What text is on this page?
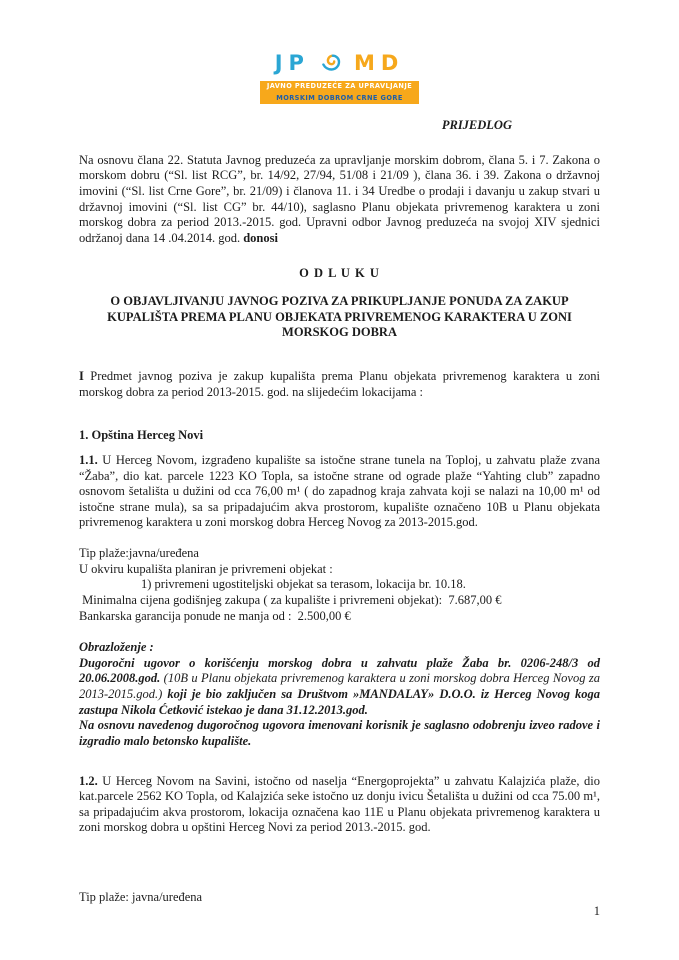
JP MD
JAVNO PREDUZEĆE ZA UPRAVLJANJE
MORSKIM DOBROM CRNE GORE
PRIJEDLOG

Na osnovu člana 22. Statuta Javnog preduzeća za upravljanje morskim dobrom, člana 5. i 7. Zakona o morskom dobru (“Sl. list RCG”, br. 14/92, 27/94, 51/08 i 21/09 ), člana 36. i 39. Zakona o državnoj imovini (“Sl. list Crne Gore”, br. 21/09) i članova 11. i 34 Uredbe o prodaji i davanju u zakup stvari u državnoj imovini (“Sl. list CG” br. 44/10), saglasno Planu objekata privremenog karaktera u zoni morskog dobra za period 2013.-2015. god. Upravni odbor Javnog preduzeća na svojoj XIV sjednici održanoj dana 14 .04.2014. god. donosi

O D L U K U
O OBJAVLJIVANJU JAVNOG POZIVA ZA PRIKUPLJANJE PONUDA ZA ZAKUP KUPALIŠTA PREMA PLANU OBJEKATA PRIVREMENOG KARAKTERA U ZONI MORSKOG DOBRA

I Predmet javnog poziva je zakup kupališta prema Planu objekata privremenog karaktera u zoni morskog dobra za period 2013-2015. god. na slijedećim lokacijama :

1. Opština Herceg Novi

1.1. U Herceg Novom, izgrađeno kupalište sa istočne strane tunela na Toploj, u zahvatu plaže zvana “Žaba”, dio kat. parcele 1223 KO Topla, sa istočne strane od ograde plaže “Yahting club” zapadno osnovom šetališta u dužini od cca 76,00 m¹ ( do zapadnog kraja zahvata koji se nalazi na 10,00 m¹ od istočne strane mula), sa sa pripadajućim akva prostorom, kupalište označeno 10B u Planu objekata privremenog karaktera u zoni morskog dobra Herceg Novog za 2013-2015.god.

Tip plaže:javna/uređena
U okviru kupališta planiran je privremeni objekat :
1) privremeni ugostiteljski objekat sa terasom, lokacija br. 10.18.
Minimalna cijena godišnjeg zakupa ( za kupalište i privremeni objekat):  7.687,00 €
Bankarska garancija ponude ne manja od :  2.500,00 €
Obrazloženje :

Dugoročni ugovor o korišćenju morskog dobra u zahvatu plaže Žaba br. 0206-248/3 od 20.06.2008.god. (10B u Planu objekata privremenog karaktera u zoni morskog dobra Herceg Novog za 2013-2015.god.) koji je bio zaključen sa Društvom »MANDALAY» D.O.O. iz Herceg Novog koga zastupa Nikola Ćetković istekao je dana 31.12.2013.god.

Na osnovu navedenog dugoročnog ugovora imenovani korisnik je saglasno odobrenju izveo radove i izgradio malo betonsko kupalište.

1.2. U Herceg Novom na Savini, istočno od naselja “Energoprojekta” u zahvatu Kalajzića plaže, dio kat.parcele 2562 KO Topla, od Kalajzića seke istočno uz donju ivicu Šetališta u dužini od cca 75.00 m¹, sa pripadajućim akva prostorom, lokacija označena kao 11E u Planu objekata privremenog karaktera u zoni morskog dobra u opštini Herceg Novi za period 2013.-2015. god.

Tip plaže: javna/uređena
1
